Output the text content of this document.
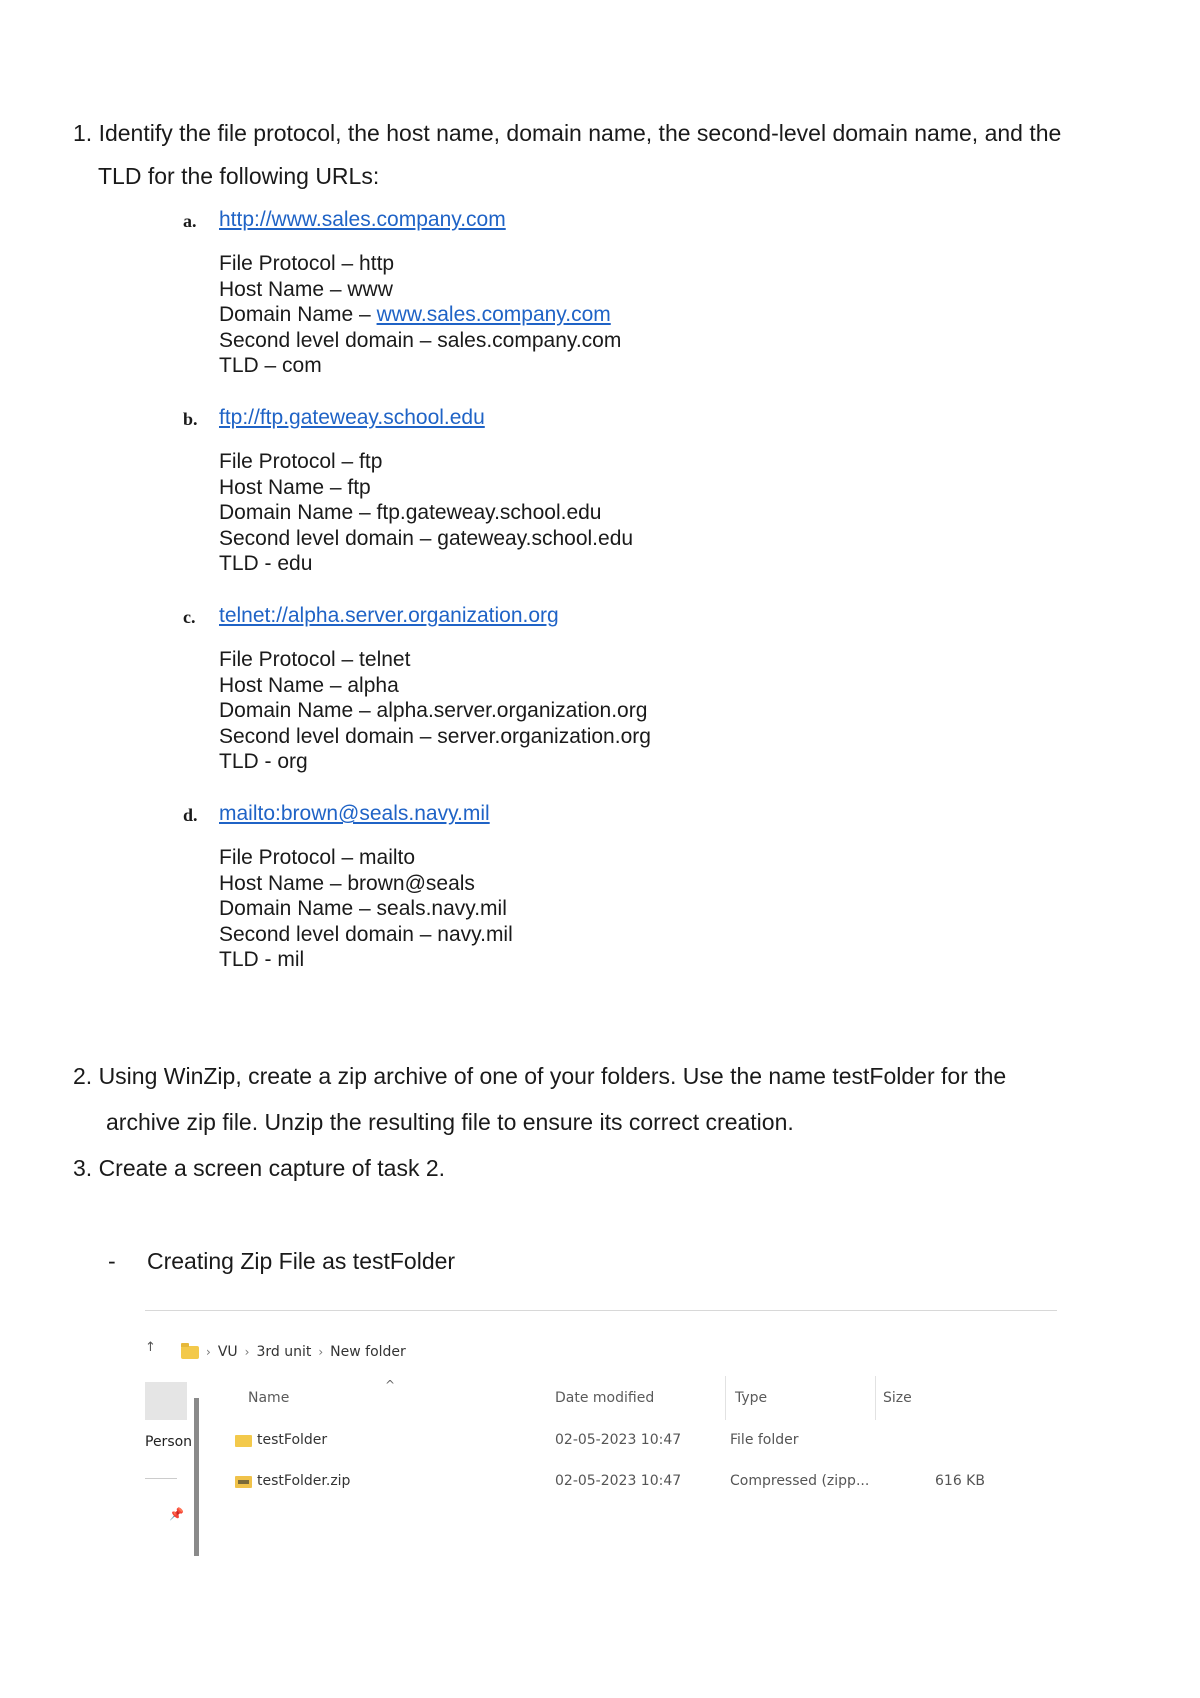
1. Identify the file protocol, the host name, domain name, the second-level domain name, and the
TLD for the following URLs:
a. http://www.sales.company.com
File Protocol – http
Host Name – www
Domain Name – www.sales.company.com
Second level domain – sales.company.com
TLD – com
b. ftp://ftp.gateweay.school.edu
File Protocol – ftp
Host Name – ftp
Domain Name – ftp.gateweay.school.edu
Second level domain – gateweay.school.edu
TLD - edu
c. telnet://alpha.server.organization.org
File Protocol – telnet
Host Name – alpha
Domain Name – alpha.server.organization.org
Second level domain – server.organization.org
TLD - org
d. mailto:brown@seals.navy.mil
File Protocol – mailto
Host Name – brown@seals
Domain Name – seals.navy.mil
Second level domain – navy.mil
TLD - mil
2. Using WinZip, create a zip archive of one of your folders. Use the name testFolder for the
archive zip file. Unzip the resulting file to ensure its correct creation.
3. Create a screen capture of task 2.
- Creating Zip File as testFolder
↑	› VU › 3rd unit › New folder
Person
📌
^
Name	Date modified	Type	Size
testFolder	02-05-2023 10:47	File folder
testFolder.zip	02-05-2023 10:47	Compressed (zipp...	616 KB
